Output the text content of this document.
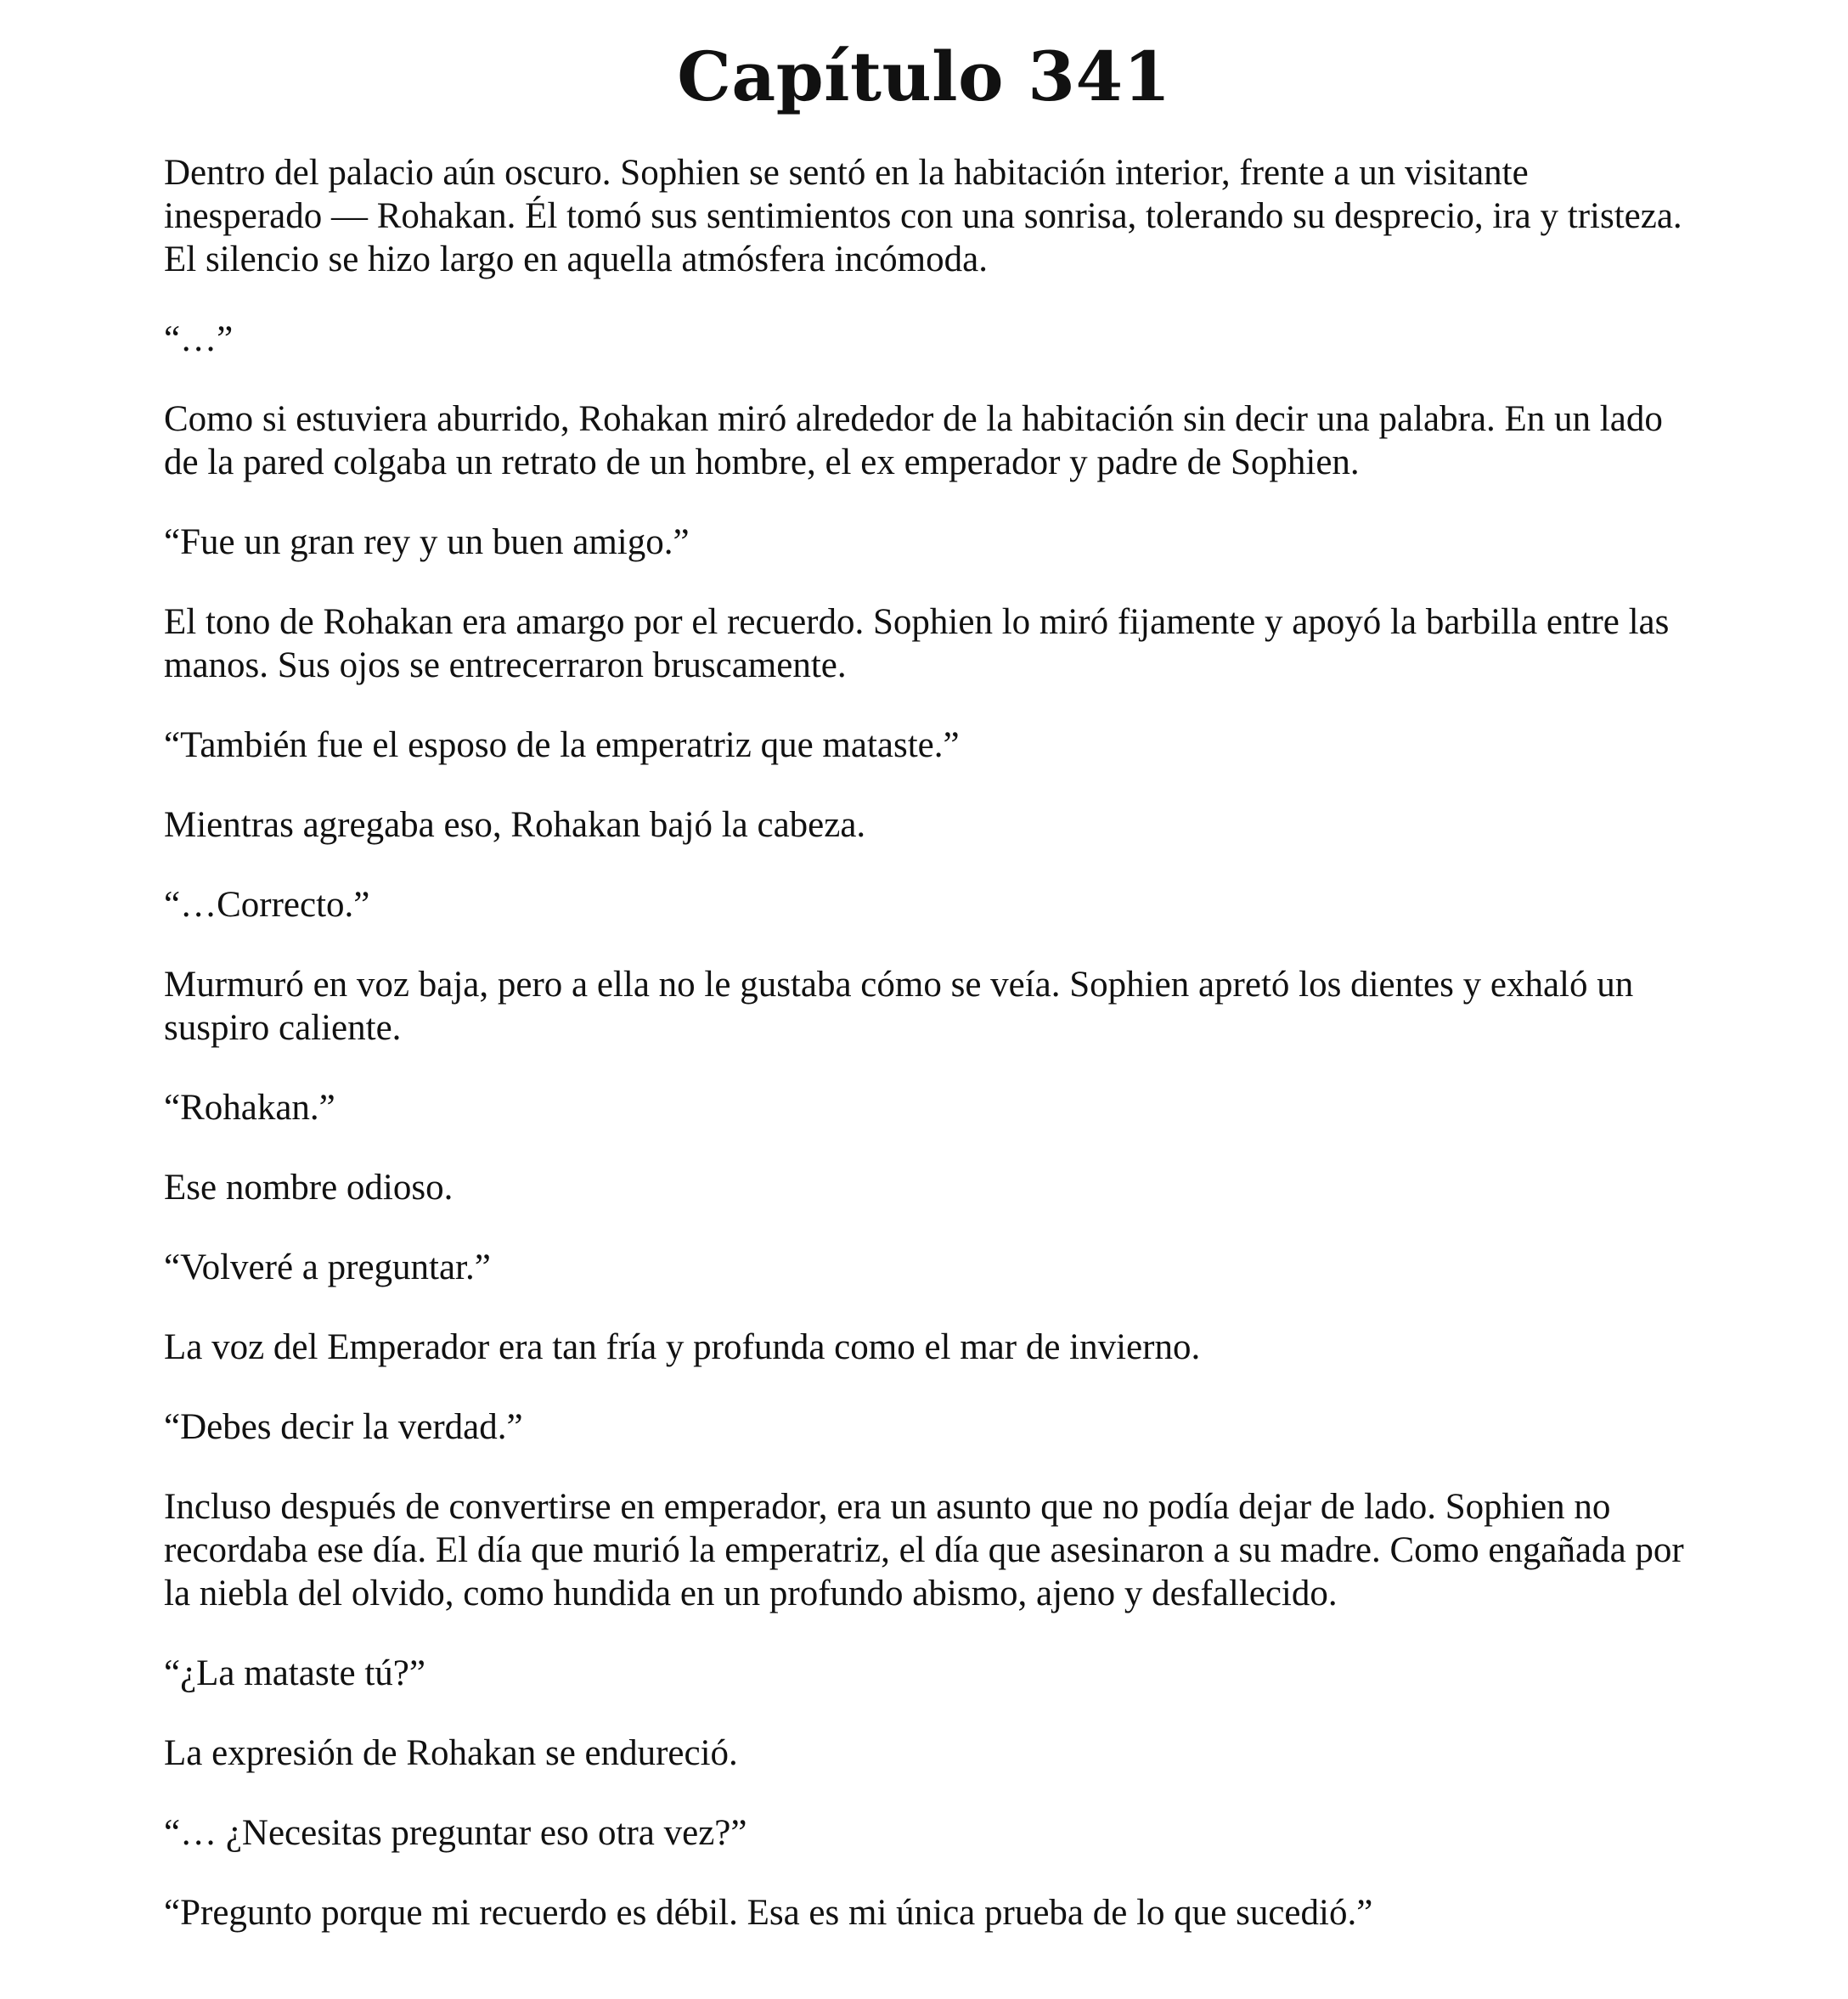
Capítulo 341

Dentro del palacio aún oscuro. Sophien se sentó en la habitación interior, frente a un visitante inesperado — Rohakan. Él tomó sus sentimientos con una sonrisa, tolerando su desprecio, ira y tristeza. El silencio se hizo largo en aquella atmósfera incómoda.

“…”

Como si estuviera aburrido, Rohakan miró alrededor de la habitación sin decir una palabra. En un lado de la pared colgaba un retrato de un hombre, el ex emperador y padre de Sophien.

“Fue un gran rey y un buen amigo.”

El tono de Rohakan era amargo por el recuerdo. Sophien lo miró fijamente y apoyó la barbilla entre las manos. Sus ojos se entrecerraron bruscamente.

“También fue el esposo de la emperatriz que mataste.”

Mientras agregaba eso, Rohakan bajó la cabeza.

“…Correcto.”

Murmuró en voz baja, pero a ella no le gustaba cómo se veía. Sophien apretó los dientes y exhaló un suspiro caliente.

“Rohakan.”

Ese nombre odioso.

“Volveré a preguntar.”

La voz del Emperador era tan fría y profunda como el mar de invierno.

“Debes decir la verdad.”

Incluso después de convertirse en emperador, era un asunto que no podía dejar de lado. Sophien no recordaba ese día. El día que murió la emperatriz, el día que asesinaron a su madre. Como engañada por la niebla del olvido, como hundida en un profundo abismo, ajeno y desfallecido.

“¿La mataste tú?”

La expresión de Rohakan se endureció.

“… ¿Necesitas preguntar eso otra vez?”

“Pregunto porque mi recuerdo es débil. Esa es mi única prueba de lo que sucedió.”
